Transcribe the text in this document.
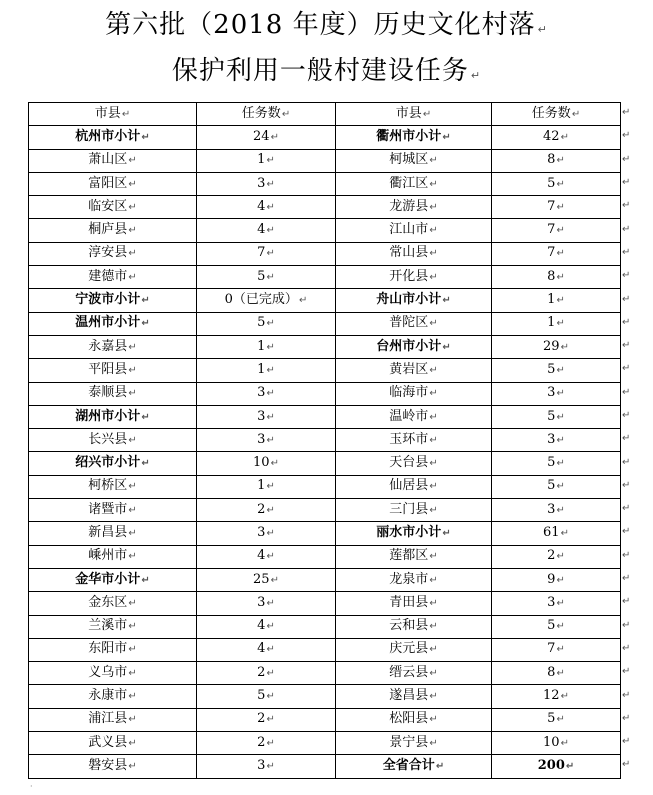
第六批（2018 年度）历史文化村落 ↵
保护利用一般村建设任务 ↵
市县↵	任务数↵	市县↵	任务数↵
杭州市小计↵	24↵	衢州市小计↵	42↵
萧山区↵	1↵	柯城区↵	8↵
富阳区↵	3↵	衢江区↵	5↵
临安区↵	4↵	龙游县↵	7↵
桐庐县↵	4↵	江山市↵	7↵
淳安县↵	7↵	常山县↵	7↵
建德市↵	5↵	开化县↵	8↵
宁波市小计↵	0（已完成）↵	舟山市小计↵	1↵
温州市小计↵	5↵	普陀区↵	1↵
永嘉县↵	1↵	台州市小计↵	29↵
平阳县↵	1↵	黄岩区↵	5↵
泰顺县↵	3↵	临海市↵	3↵
湖州市小计↵	3↵	温岭市↵	5↵
长兴县↵	3↵	玉环市↵	3↵
绍兴市小计↵	10↵	天台县↵	5↵
柯桥区↵	1↵	仙居县↵	5↵
诸暨市↵	2↵	三门县↵	3↵
新昌县↵	3↵	丽水市小计↵	61↵
嵊州市↵	4↵	莲都区↵	2↵
金华市小计↵	25↵	龙泉市↵	9↵
金东区↵	3↵	青田县↵	3↵
兰溪市↵	4↵	云和县↵	5↵
东阳市↵	4↵	庆元县↵	7↵
义乌市↵	2↵	缙云县↵	8↵
永康市↵	5↵	遂昌县↵	12↵
浦江县↵	2↵	松阳县↵	5↵
武义县↵	2↵	景宁县↵	10↵
磐安县↵	3↵	全省合计↵	200↵
↵
↵
↵
↵
↵
↵
↵
↵
↵
↵
↵
↵
↵
↵
↵
↵
↵
↵
↵
↵
↵
↵
↵
↵
↵
↵
↵
↵
↵
·
